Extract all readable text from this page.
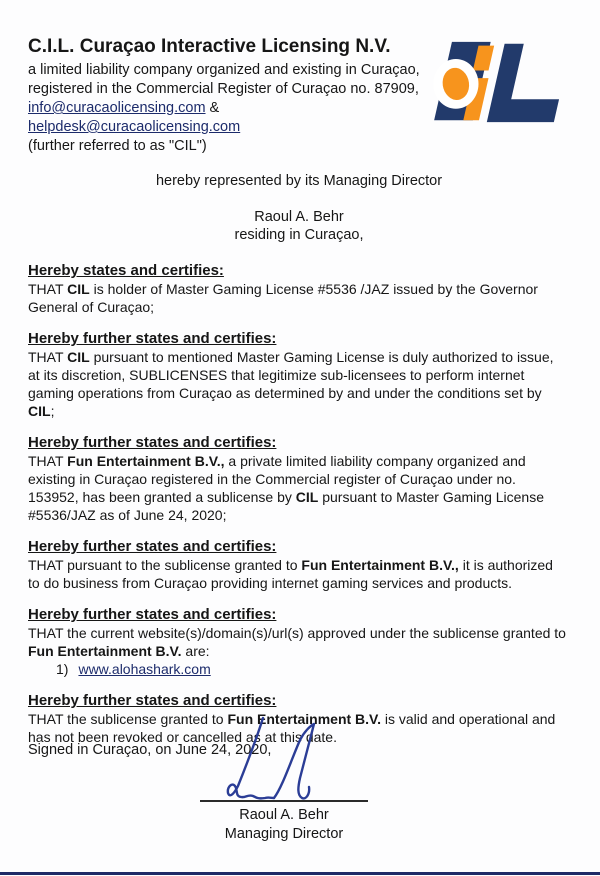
C.I.L. Curaçao Interactive Licensing N.V.
a limited liability company organized and existing in Curaçao,
registered in the Commercial Register of Curaçao no. 87909,
info@curacaolicensing.com & helpdesk@curacaolicensing.com
(further referred to as "CIL")
hereby represented by its Managing Director
Raoul A. Behr
residing in Curaçao,
Hereby states and certifies:
THAT CIL is holder of Master Gaming License #5536 /JAZ issued by the Governor General of Curaçao;
Hereby further states and certifies:
THAT CIL pursuant to mentioned Master Gaming License is duly authorized to issue, at its discretion, SUBLICENSES that legitimize sub-licensees to perform internet gaming operations from Curaçao as determined by and under the conditions set by CIL;
Hereby further states and certifies:
THAT Fun Entertainment B.V., a private limited liability company organized and existing in Curaçao registered in the Commercial register of Curaçao under no. 153952, has been granted a sublicense by CIL pursuant to Master Gaming License #5536/JAZ as of June 24, 2020;
Hereby further states and certifies:
THAT pursuant to the sublicense granted to Fun Entertainment B.V., it is authorized to do business from Curaçao providing internet gaming services and products.
Hereby further states and certifies:
THAT the current website(s)/domain(s)/url(s) approved under the sublicense granted to Fun Entertainment B.V. are:
1) www.alohashark.com
Hereby further states and certifies:
THAT the sublicense granted to Fun Entertainment B.V. is valid and operational and has not been revoked or cancelled as at this date.
Signed in Curaçao, on June 24, 2020,
Raoul A. Behr
Managing Director
